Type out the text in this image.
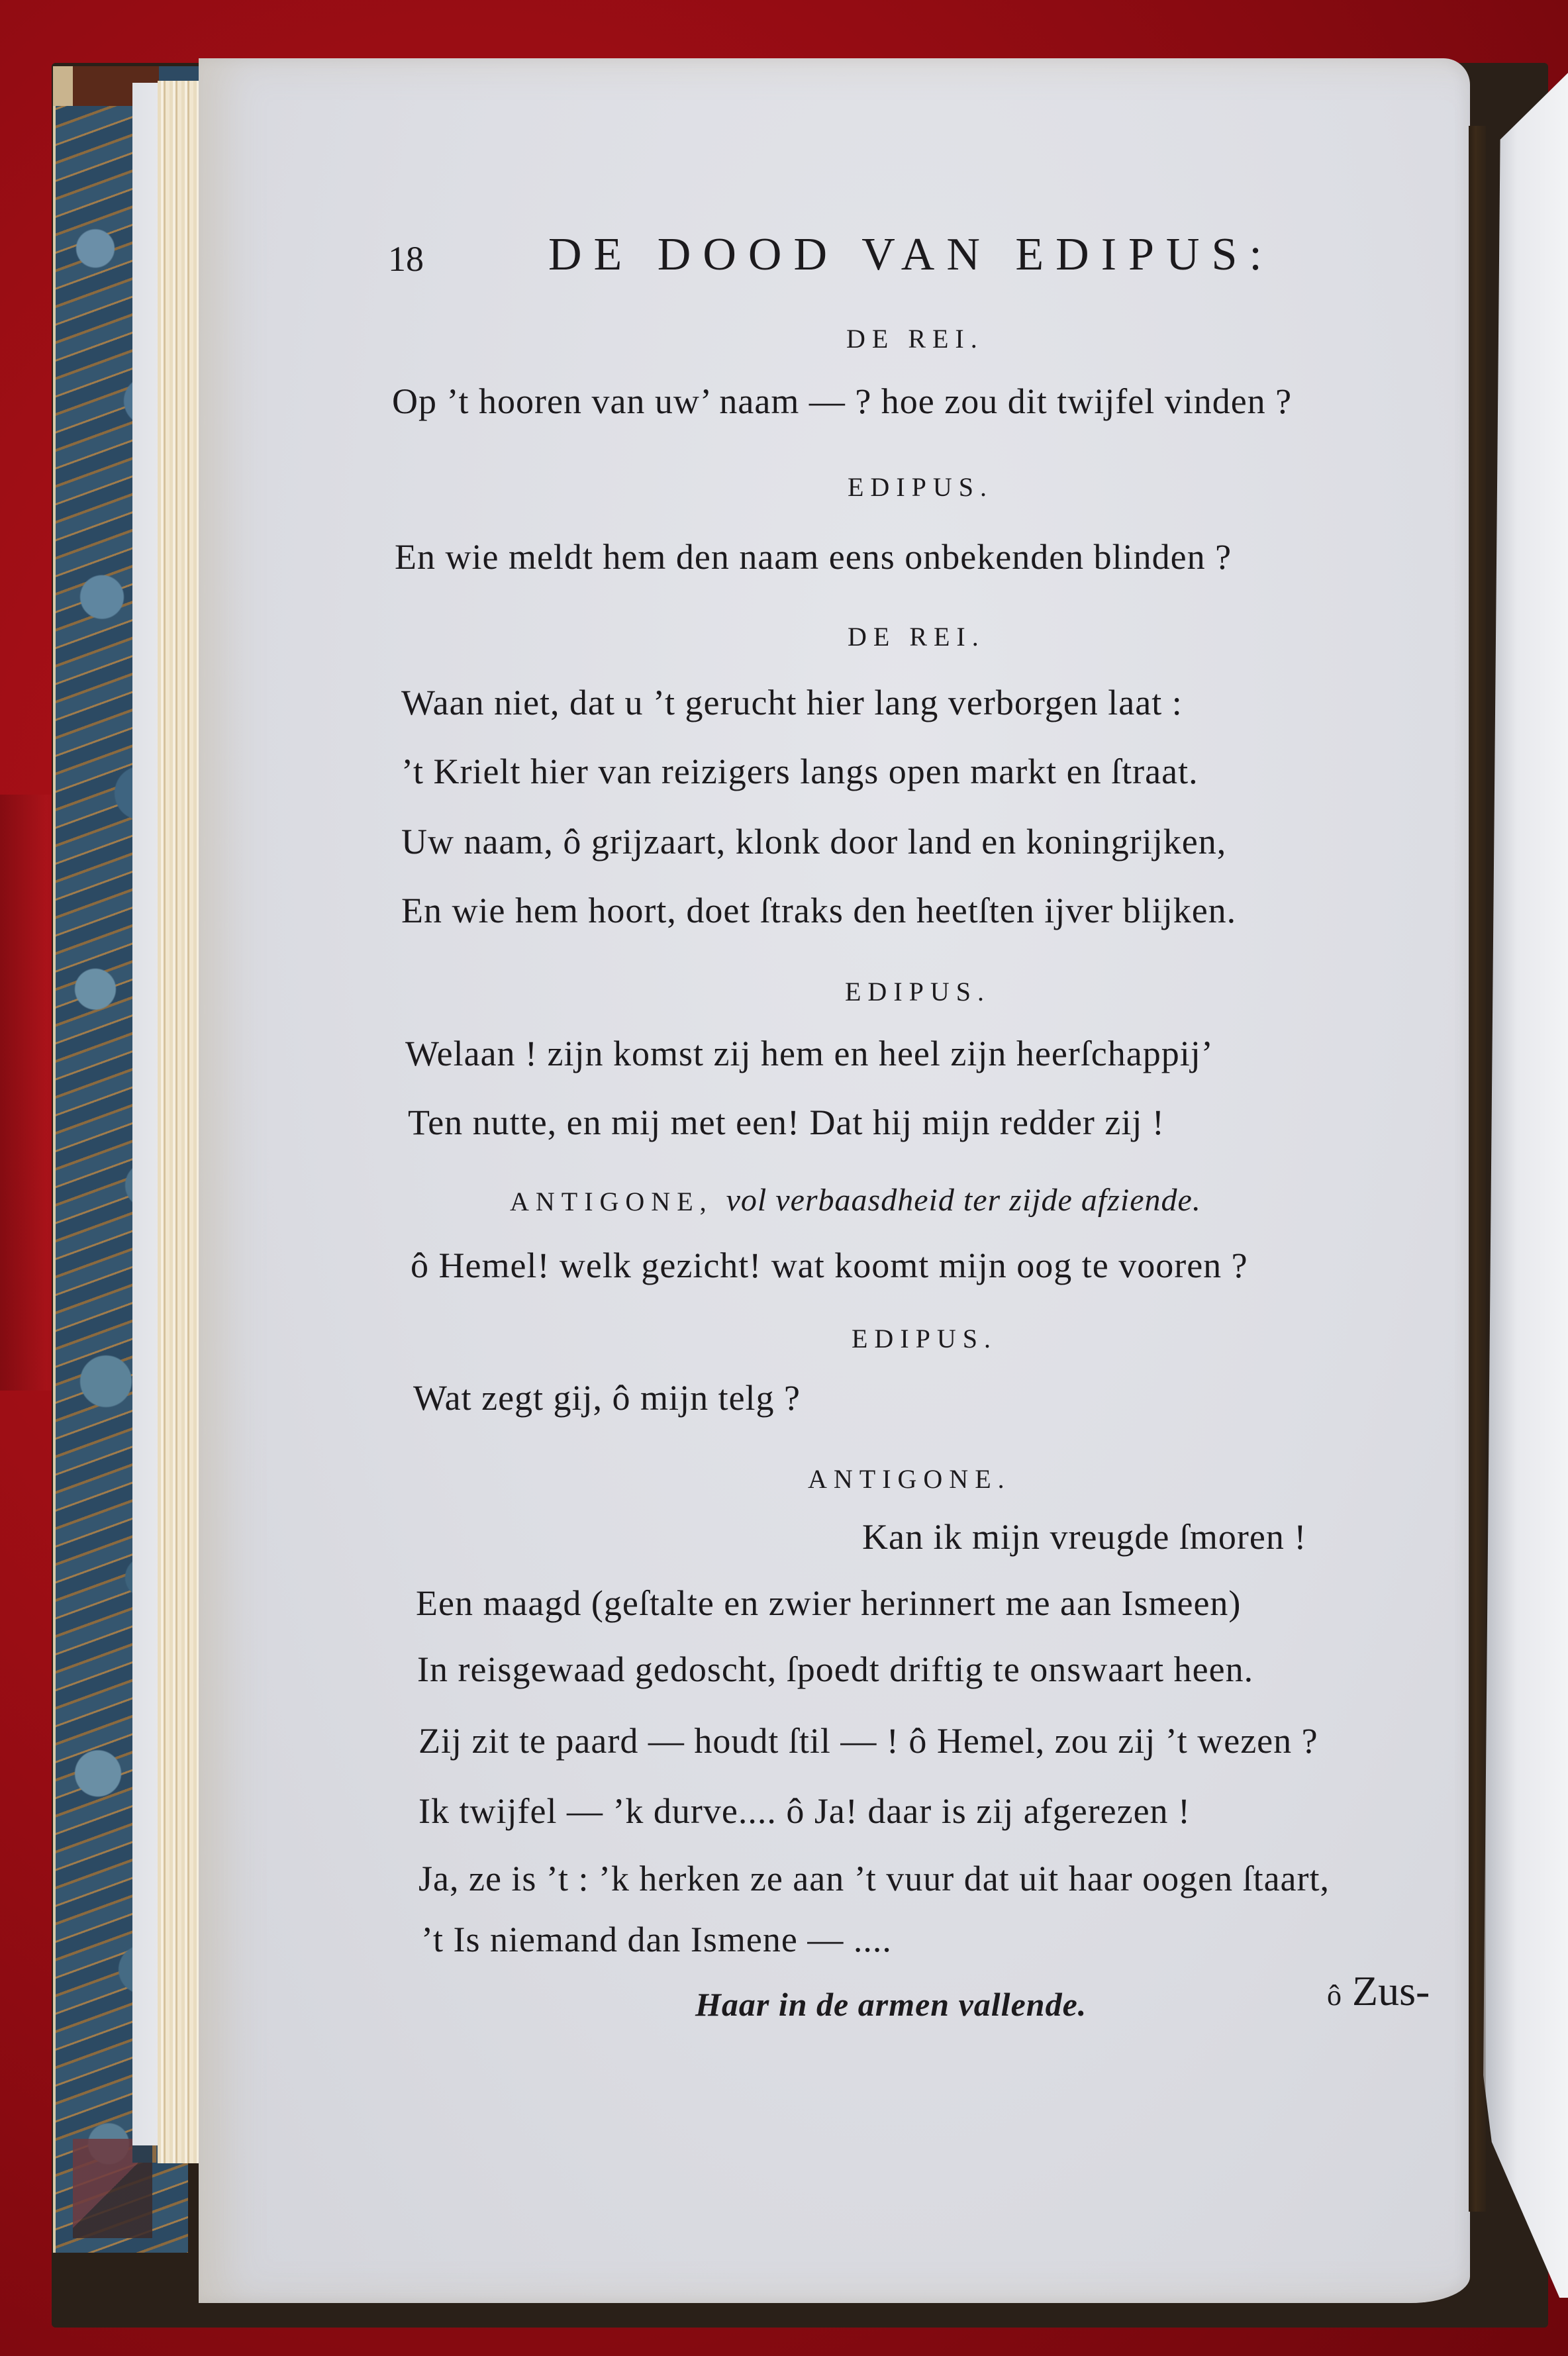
18	DE DOOD VAN EDIPUS:
DE REI.
Op ’t hooren van uw’ naam — ? hoe zou dit twijfel vinden ?
EDIPUS.
En wie meldt hem den naam eens onbekenden blinden ?
DE REI.
Waan niet, dat u ’t gerucht hier lang verborgen laat :
’t Krielt hier van reizigers langs open markt en ſtraat.
Uw naam, ô grijzaart, klonk door land en koningrijken,
En wie hem hoort, doet ſtraks den heetſten ijver blijken.
EDIPUS.
Welaan ! zijn komst zij hem en heel zijn heerſchappij’
Ten nutte, en mij met een! Dat hij mijn redder zij !
ANTIGONE, vol verbaasdheid ter zijde afziende.
ô Hemel! welk gezicht! wat koomt mijn oog te vooren ?
EDIPUS.
Wat zegt gij, ô mijn telg ?
ANTIGONE.
Kan ik mijn vreugde ſmoren !
Een maagd (geſtalte en zwier herinnert me aan Ismeen)
In reisgewaad gedoscht, ſpoedt driftig te onswaart heen.
Zij zit te paard — houdt ſtil — ! ô Hemel, zou zij ’t wezen ?
Ik twijfel — ’k durve.... ô Ja! daar is zij afgerezen !
Ja, ze is ’t : ’k herken ze aan ’t vuur dat uit haar oogen ſtaart,
’t Is niemand dan Ismene — ....
Haar in de armen vallende.	ô Zus-
